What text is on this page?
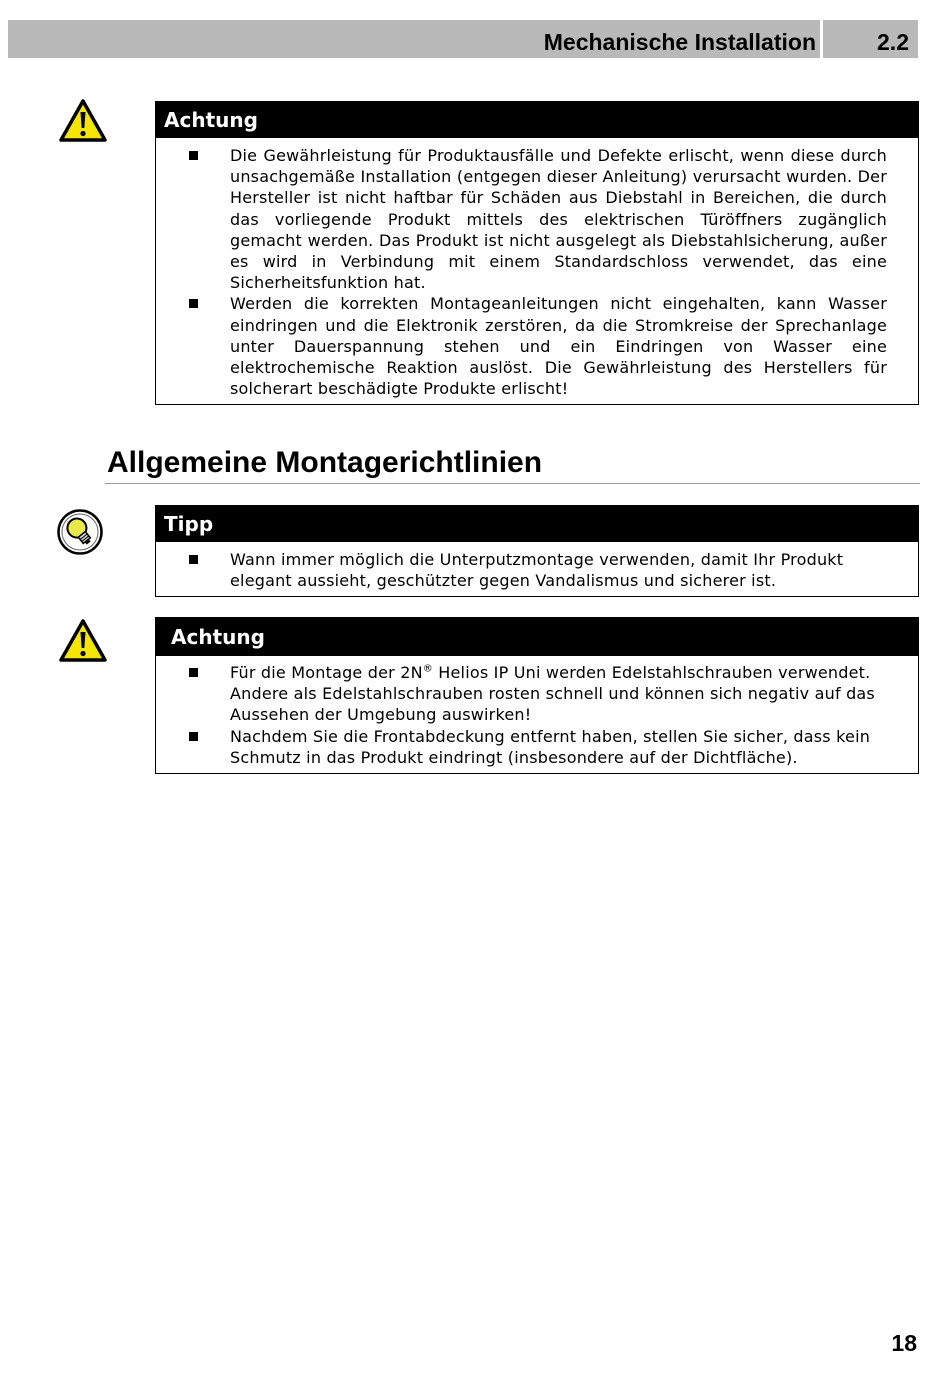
Mechanische Installation	2.2
Achtung
Die Gewährleistung für Produktausfälle und Defekte erlischt, wenn diese durch unsachgemäße Installation (entgegen dieser Anleitung) verursacht wurden. Der Hersteller ist nicht haftbar für Schäden aus Diebstahl in Bereichen, die durch das vorliegende Produkt mittels des elektrischen Türöffners zugänglich gemacht werden. Das Produkt ist nicht ausgelegt als Diebstahlsicherung, außer es wird in Verbindung mit einem Standardschloss verwendet, das eine Sicherheitsfunktion hat.
Werden die korrekten Montageanleitungen nicht eingehalten, kann Wasser eindringen und die Elektronik zerstören, da die Stromkreise der Sprechanlage unter Dauerspannung stehen und ein Eindringen von Wasser eine elektrochemische Reaktion auslöst. Die Gewährleistung des Herstellers für solcherart beschädigte Produkte erlischt!
Allgemeine Montagerichtlinien
Tipp
Wann immer möglich die Unterputzmontage verwenden, damit Ihr Produkt elegant aussieht, geschützter gegen Vandalismus und sicherer ist.
Achtung
Für die Montage der 2N® Helios IP Uni werden Edelstahlschrauben verwendet. Andere als Edelstahlschrauben rosten schnell und können sich negativ auf das Aussehen der Umgebung auswirken!
Nachdem Sie die Frontabdeckung entfernt haben, stellen Sie sicher, dass kein Schmutz in das Produkt eindringt (insbesondere auf der Dichtfläche).
18
